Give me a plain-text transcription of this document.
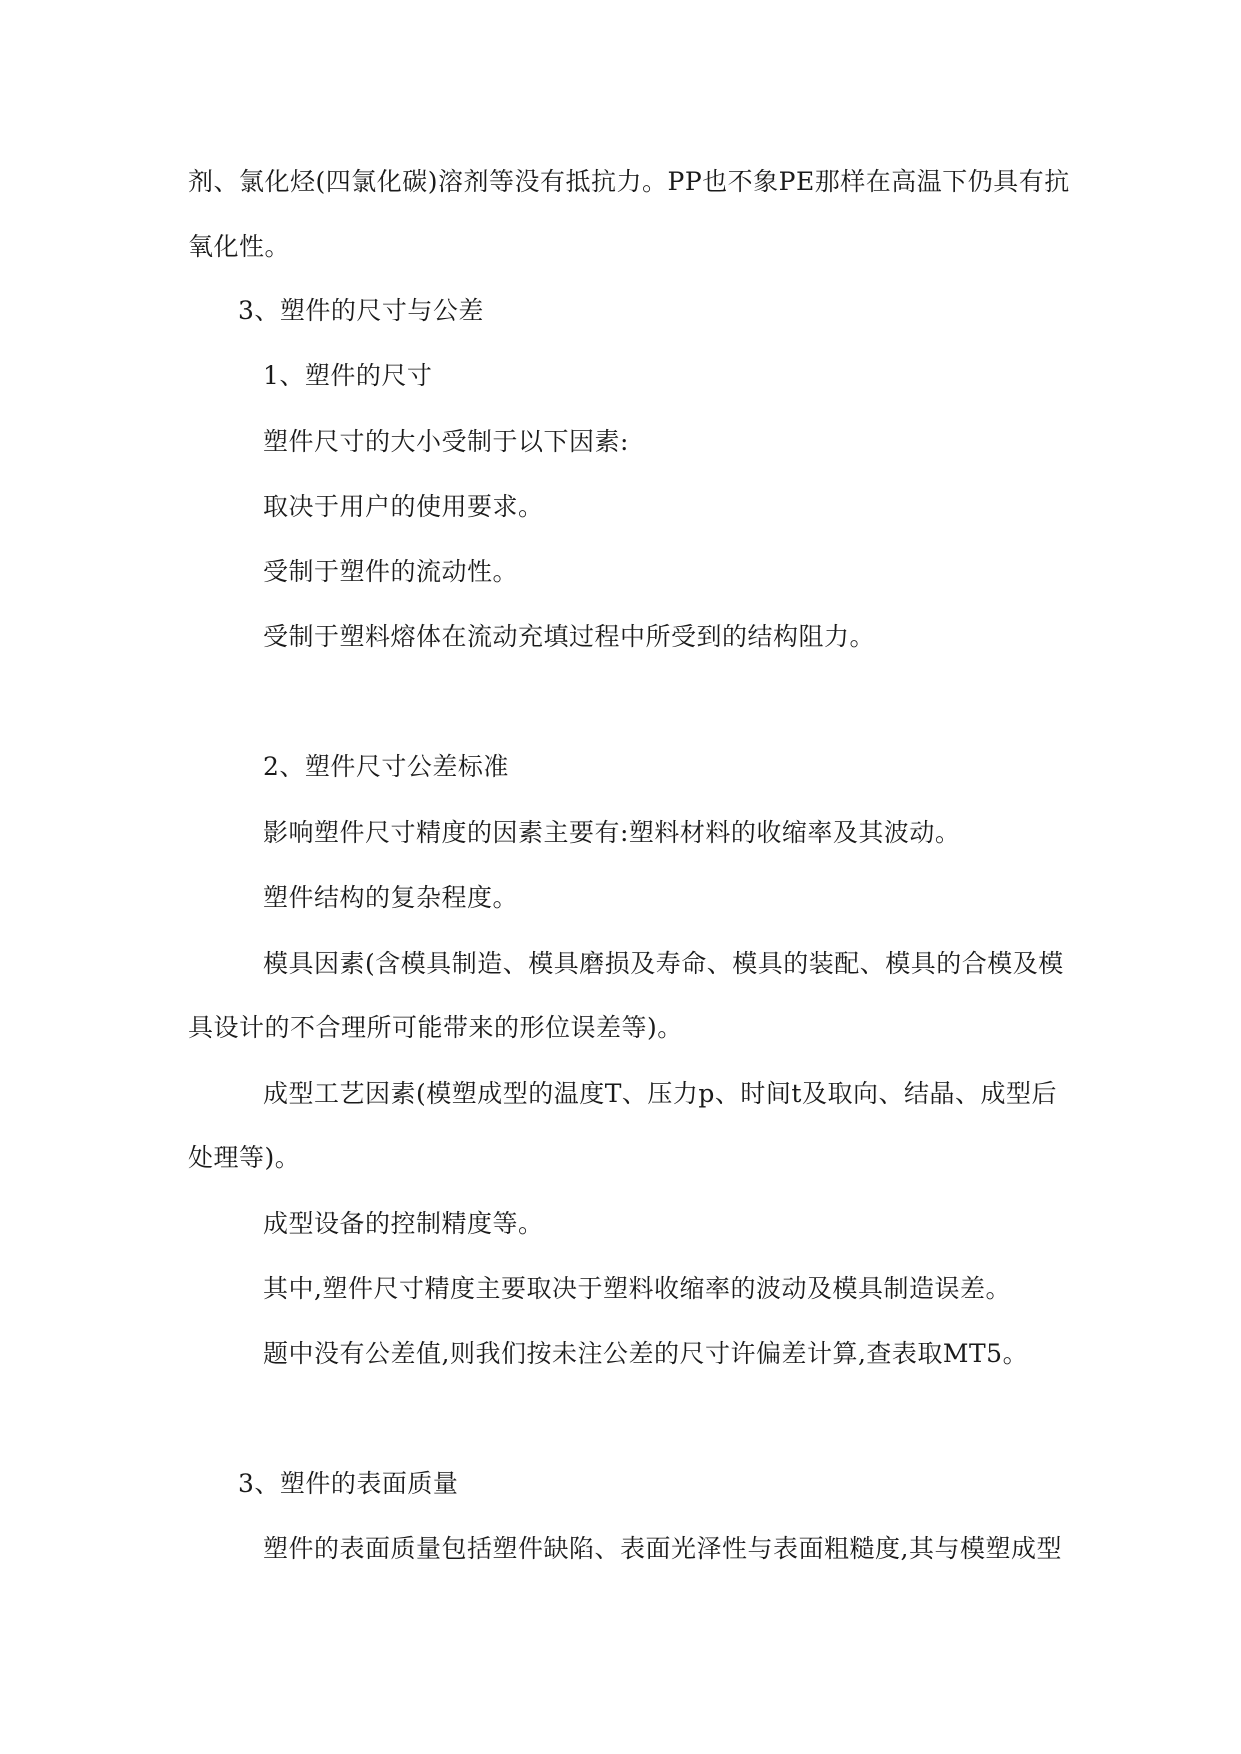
剂、氯化烃(四氯化碳)溶剂等没有抵抗力。PP也不象PE那样在高温下仍具有抗
氧化性。
3、塑件的尺寸与公差
1、塑件的尺寸
塑件尺寸的大小受制于以下因素:
取决于用户的使用要求。
受制于塑件的流动性。
受制于塑料熔体在流动充填过程中所受到的结构阻力。
2、塑件尺寸公差标准
影响塑件尺寸精度的因素主要有:塑料材料的收缩率及其波动。
塑件结构的复杂程度。
模具因素(含模具制造、模具磨损及寿命、模具的装配、模具的合模及模
具设计的不合理所可能带来的形位误差等)。
成型工艺因素(模塑成型的温度T、压力p、时间t及取向、结晶、成型后
处理等)。
成型设备的控制精度等。
其中,塑件尺寸精度主要取决于塑料收缩率的波动及模具制造误差。
题中没有公差值,则我们按未注公差的尺寸许偏差计算,查表取MT5。
3、塑件的表面质量
塑件的表面质量包括塑件缺陷、表面光泽性与表面粗糙度,其与模塑成型
